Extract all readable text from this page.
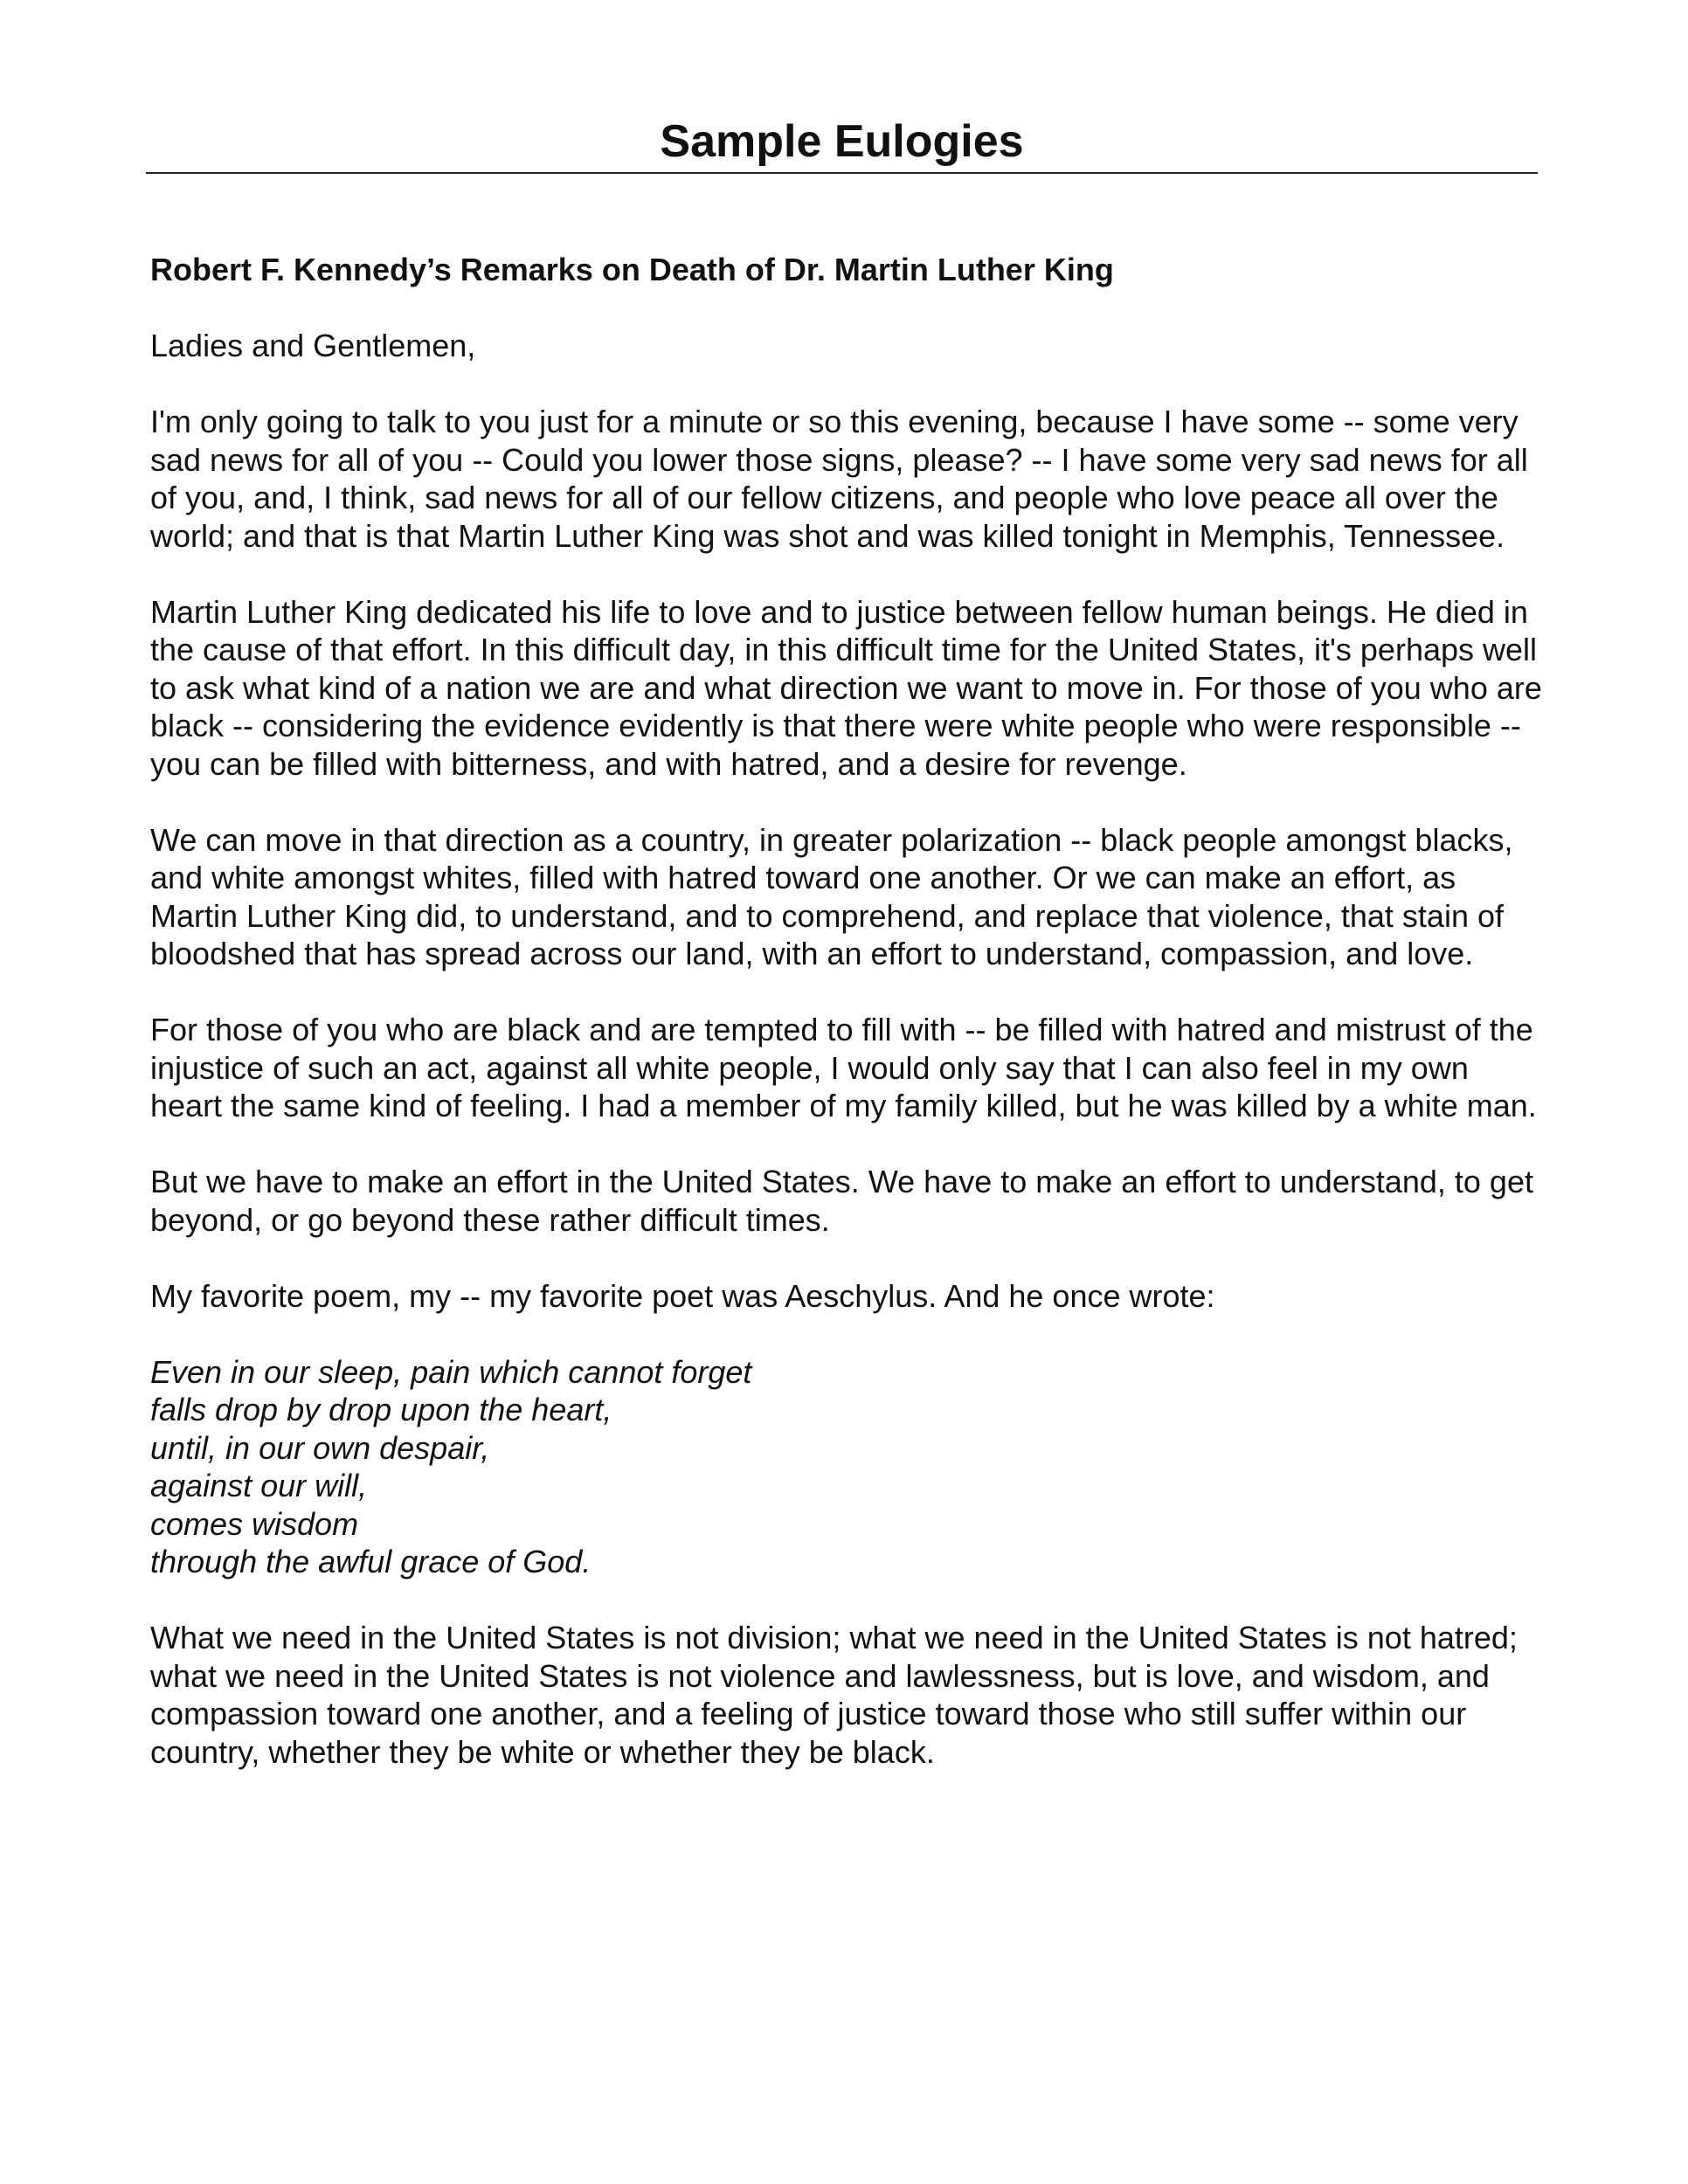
Sample Eulogies

Robert F. Kennedy’s Remarks on Death of Dr. Martin Luther King

Ladies and Gentlemen,

I'm only going to talk to you just for a minute or so this evening, because I have some -- some very sad news for all of you -- Could you lower those signs, please? -- I have some very sad news for all of you, and, I think, sad news for all of our fellow citizens, and people who love peace all over the world; and that is that Martin Luther King was shot and was killed tonight in Memphis, Tennessee.

Martin Luther King dedicated his life to love and to justice between fellow human beings. He died in the cause of that effort. In this difficult day, in this difficult time for the United States, it's perhaps well to ask what kind of a nation we are and what direction we want to move in. For those of you who are black -- considering the evidence evidently is that there were white people who were responsible -- you can be filled with bitterness, and with hatred, and a desire for revenge.

We can move in that direction as a country, in greater polarization -- black people amongst blacks, and white amongst whites, filled with hatred toward one another. Or we can make an effort, as Martin Luther King did, to understand, and to comprehend, and replace that violence, that stain of bloodshed that has spread across our land, with an effort to understand, compassion, and love.

For those of you who are black and are tempted to fill with -- be filled with hatred and mistrust of the injustice of such an act, against all white people, I would only say that I can also feel in my own heart the same kind of feeling. I had a member of my family killed, but he was killed by a white man.

But we have to make an effort in the United States. We have to make an effort to understand, to get beyond, or go beyond these rather difficult times.

My favorite poem, my -- my favorite poet was Aeschylus. And he once wrote:

Even in our sleep, pain which cannot forget
falls drop by drop upon the heart,
until, in our own despair,
against our will,
comes wisdom
through the awful grace of God.

What we need in the United States is not division; what we need in the United States is not hatred; what we need in the United States is not violence and lawlessness, but is love, and wisdom, and compassion toward one another, and a feeling of justice toward those who still suffer within our country, whether they be white or whether they be black.
